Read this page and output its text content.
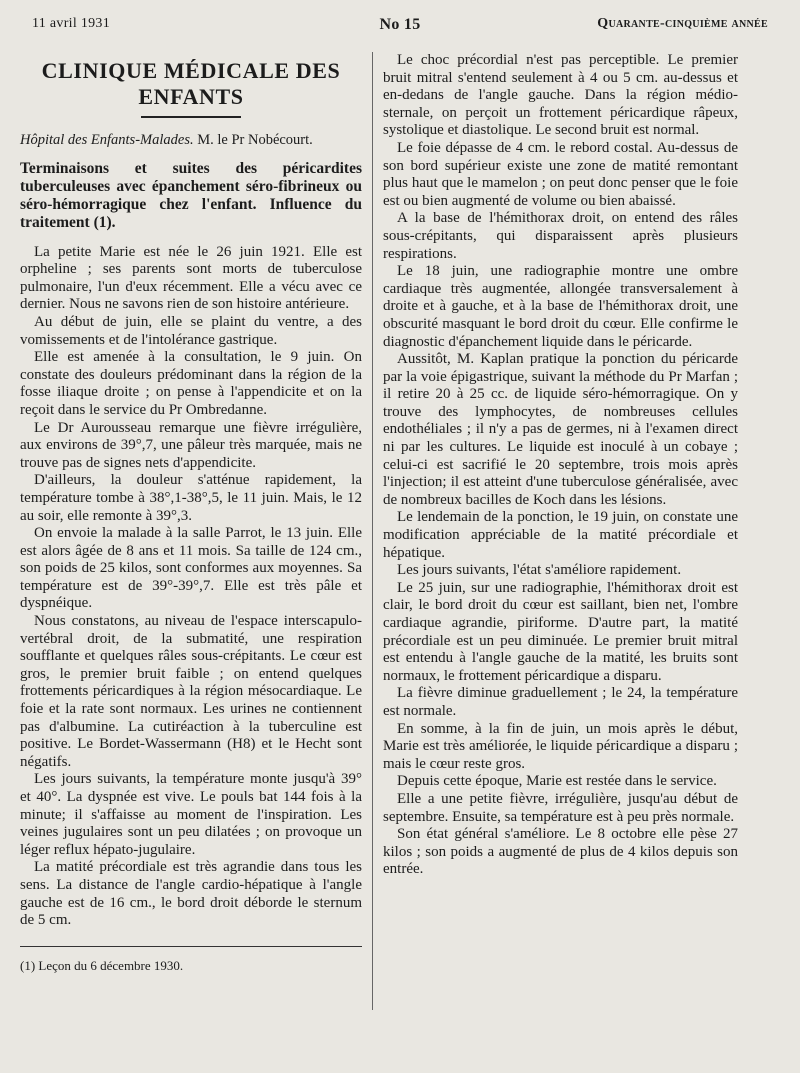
11 avril 1931	No 15	Quarante-cinquième année
CLINIQUE MÉDICALE DES ENFANTS
Hôpital des Enfants-Malades. M. le Pr Nobécourt.
Terminaisons et suites des péricardites tuberculeuses avec épanchement séro-fibrineux ou séro-hémorragique chez l'enfant. Influence du traitement (1).

La petite Marie est née le 26 juin 1921. Elle est orpheline ; ses parents sont morts de tuberculose pulmonaire, l'un d'eux récemment. Elle a vécu avec ce dernier. Nous ne savons rien de son histoire antérieure.

Au début de juin, elle se plaint du ventre, a des vomissements et de l'intolérance gastrique.

Elle est amenée à la consultation, le 9 juin. On constate des douleurs prédominant dans la région de la fosse iliaque droite ; on pense à l'appendicite et on la reçoit dans le service du Pr Ombredanne.

Le Dr Aurousseau remarque une fièvre irrégulière, aux environs de 39°,7, une pâleur très marquée, mais ne trouve pas de signes nets d'appendicite.

D'ailleurs, la douleur s'atténue rapidement, la température tombe à 38°,1-38°,5, le 11 juin. Mais, le 12 au soir, elle remonte à 39°,3.

On envoie la malade à la salle Parrot, le 13 juin. Elle est alors âgée de 8 ans et 11 mois. Sa taille de 124 cm., son poids de 25 kilos, sont conformes aux moyennes. Sa température est de 39°-39°,7. Elle est très pâle et dyspnéique.

Nous constatons, au niveau de l'espace interscapulo-vertébral droit, de la submatité, une respiration soufflante et quelques râles sous-crépitants. Le cœur est gros, le premier bruit faible ; on entend quelques frottements péricardiques à la région mésocardiaque. Le foie et la rate sont normaux. Les urines ne contiennent pas d'albumine. La cutiréaction à la tuberculine est positive. Le Bordet-Wassermann (H8) et le Hecht sont négatifs.

Les jours suivants, la température monte jusqu'à 39° et 40°. La dyspnée est vive. Le pouls bat 144 fois à la minute; il s'affaisse au moment de l'inspiration. Les veines jugulaires sont un peu dilatées ; on provoque un léger reflux hépato-jugulaire.

La matité précordiale est très agrandie dans tous les sens. La distance de l'angle cardio-hépatique à l'angle gauche est de 16 cm., le bord droit déborde le sternum de 5 cm.

(1) Leçon du 6 décembre 1930.

Le choc précordial n'est pas perceptible. Le premier bruit mitral s'entend seulement à 4 ou 5 cm. au-dessus et en-dedans de l'angle gauche. Dans la région médio-sternale, on perçoit un frottement péricardique râpeux, systolique et diastolique. Le second bruit est normal.

Le foie dépasse de 4 cm. le rebord costal. Au-dessus de son bord supérieur existe une zone de matité remontant plus haut que le mamelon ; on peut donc penser que le foie est ou bien augmenté de volume ou bien abaissé.

A la base de l'hémithorax droit, on entend des râles sous-crépitants, qui disparaissent après plusieurs respirations.

Le 18 juin, une radiographie montre une ombre cardiaque très augmentée, allongée transversalement à droite et à gauche, et à la base de l'hémithorax droit, une obscurité masquant le bord droit du cœur. Elle confirme le diagnostic d'épanchement liquide dans le péricarde.

Aussitôt, M. Kaplan pratique la ponction du péricarde par la voie épigastrique, suivant la méthode du Pr Marfan ; il retire 20 à 25 cc. de liquide séro-hémorragique. On y trouve des lymphocytes, de nombreuses cellules endothéliales ; il n'y a pas de germes, ni à l'examen direct ni par les cultures. Le liquide est inoculé à un cobaye ; celui-ci est sacrifié le 20 septembre, trois mois après l'injection; il est atteint d'une tuberculose généralisée, avec de nombreux bacilles de Koch dans les lésions.

Le lendemain de la ponction, le 19 juin, on constate une modification appréciable de la matité précordiale et hépatique.

Les jours suivants, l'état s'améliore rapidement.

Le 25 juin, sur une radiographie, l'hémithorax droit est clair, le bord droit du cœur est saillant, bien net, l'ombre cardiaque agrandie, piriforme. D'autre part, la matité précordiale est un peu diminuée. Le premier bruit mitral est entendu à l'angle gauche de la matité, les bruits sont normaux, le frottement péricardique a disparu.

La fièvre diminue graduellement ; le 24, la température est normale.

En somme, à la fin de juin, un mois après le début, Marie est très améliorée, le liquide péricardique a disparu ; mais le cœur reste gros.

Depuis cette époque, Marie est restée dans le service.

Elle a une petite fièvre, irrégulière, jusqu'au début de septembre. Ensuite, sa température est à peu près normale.

Son état général s'améliore. Le 8 octobre elle pèse 27 kilos ; son poids a augmenté de plus de 4 kilos depuis son entrée.
